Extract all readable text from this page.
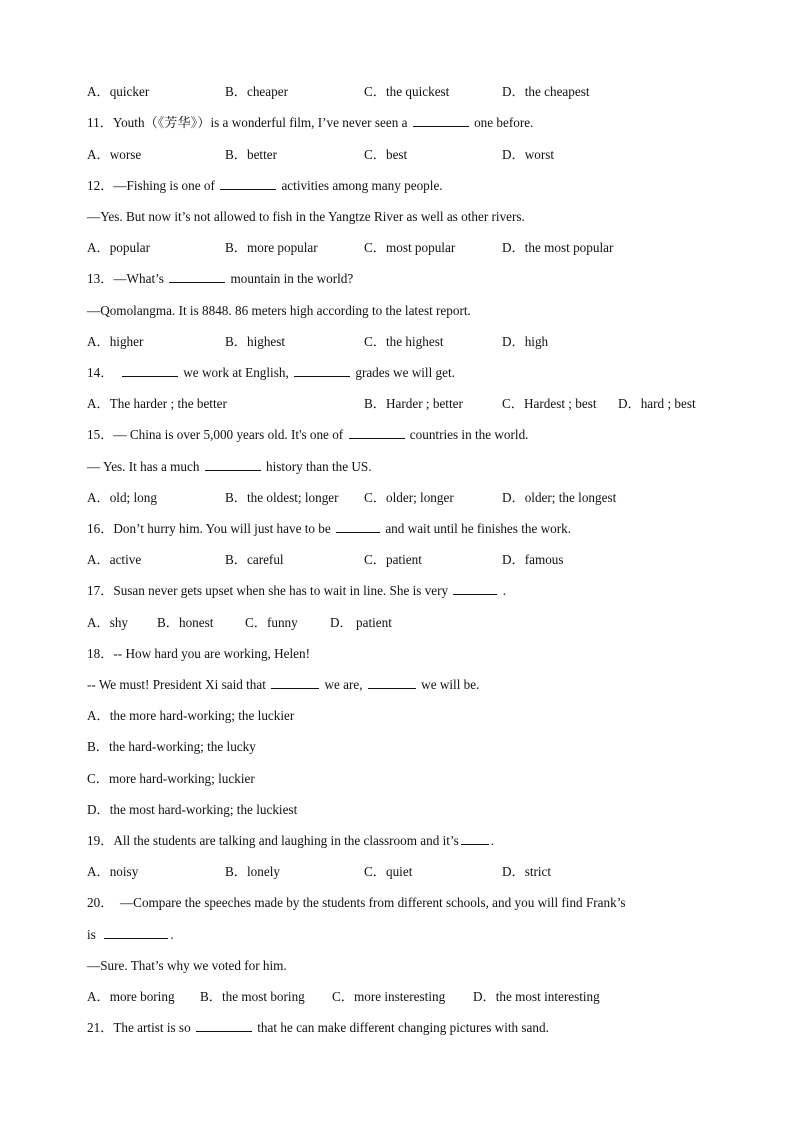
A．quicker	B．cheaper	C．the quickest	D．the cheapest
11．Youth（《芳华》）is a wonderful film, I’ve never seen a	one before.
A．worse	B．better	C．best	D．worst
12．—Fishing is one of	activities among many people.
—Yes. But now it’s not allowed to fish in the Yangtze River as well as other rivers.
A．popular	B．more popular	C．most popular	D．the most popular
13．—What’s	mountain in the world?
—Qomolangma. It is 8848. 86 meters high according to the latest report.
A．higher	B．highest	C．the highest	D．high
14．	we work at English,	grades we will get.
A．The harder ; the better	B．Harder ; better	C．Hardest ; best D．hard ; best
15．— China is over 5,000 years old. It's one of	countries in the world.
— Yes. It has a much	history than the US.
A．old; long	B．the oldest; longer C．older; longer	D．older; the longest
16．Don’t hurry him. You will just have to be	and wait until he finishes the work.
A．active	B．careful	C．patient	D．famous
17．Susan never gets upset when she has to wait in line. She is very	.
A．shy B．honest C．funny D． patient
18．-- How hard you are working, Helen!
-- We must! President Xi said that	we are,	we will be.
A．the more hard-working; the luckier
B．the hard-working; the lucky
C．more hard-working; luckier
D．the most hard-working; the luckiest
19．All the students are talking and laughing in the classroom and it’s .
A．noisy	B．lonely	C．quiet	D．strict
20．  —Compare the speeches made by the students from different schools, and you will find Frank’s
is	.
—Sure. That’s why we voted for him.
A．more boring B．the most boring C．more insteresting D．the most interesting
21．The artist is so	that he can make different changing pictures with sand.
